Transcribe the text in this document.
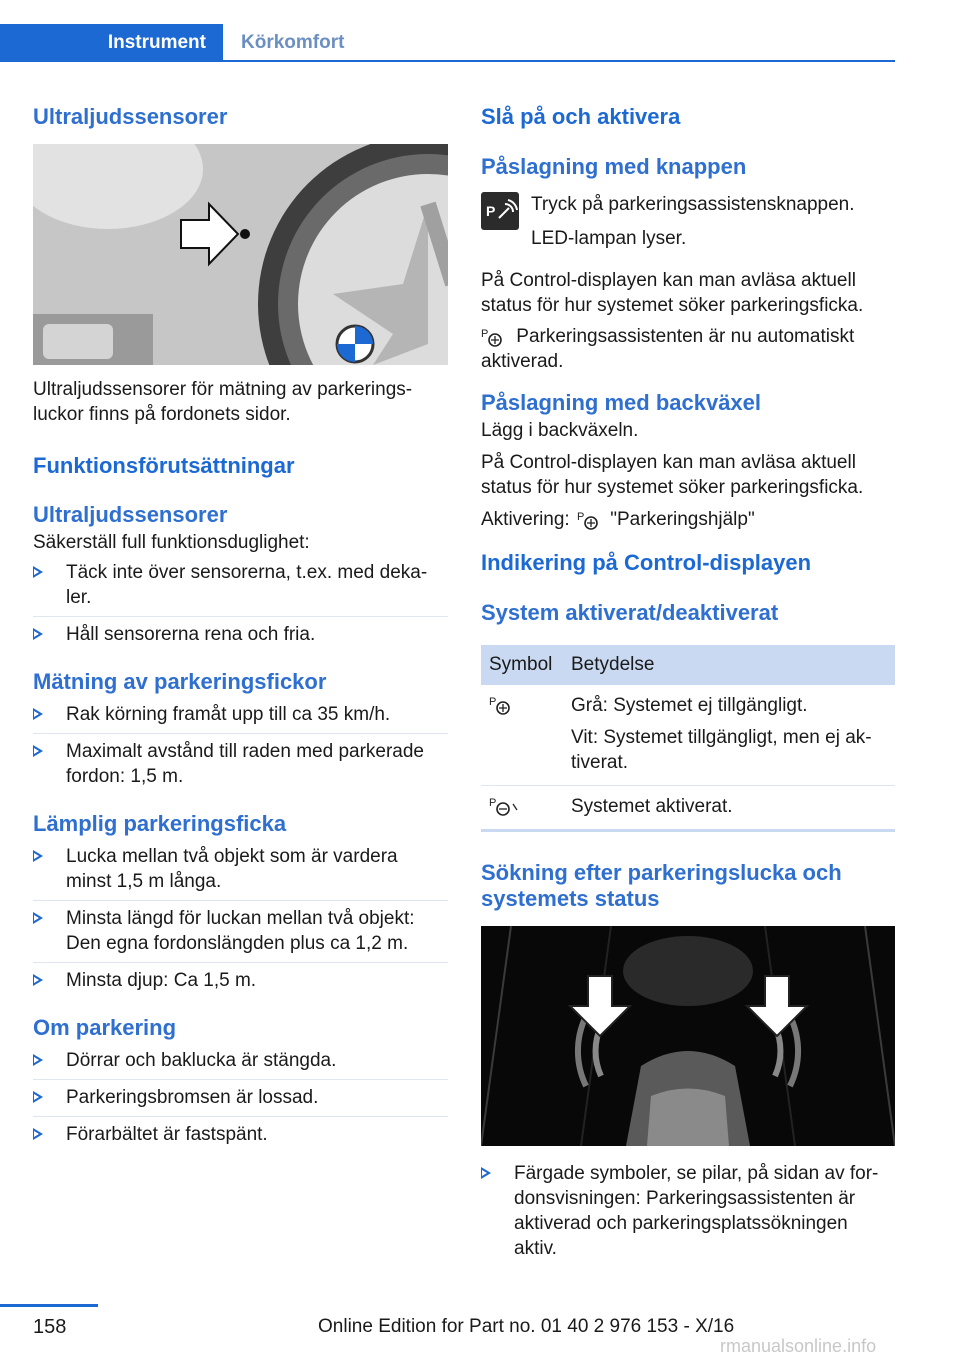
Instrument	Körkomfort
Ultraljudssensorer

Ultraljudssensorer för mätning av parkerings-luckor finns på fordonets sidor.

Funktionsförutsättningar
Ultraljudssensorer

Säkerställ full funktionsduglighet:

Täck inte över sensorerna, t.ex. med deka-ler.
Håll sensorerna rena och fria.
Mätning av parkeringsfickor
Rak körning framåt upp till ca 35 km/h.
Maximalt avstånd till raden med parkerade fordon: 1,5 m.
Lämplig parkeringsficka
Lucka mellan två objekt som är vardera minst 1,5 m långa.
Minsta längd för luckan mellan två objekt: Den egna fordonslängden plus ca 1,2 m.
Minsta djup: Ca 1,5 m.
Om parkering
Dörrar och baklucka är stängda.
Parkeringsbromsen är lossad.
Förarbältet är fastspänt.
Slå på och aktivera
Påslagning med knappen
P Tryck på parkeringsassistensknappen.

LED-lampan lyser.

På Control-displayen kan man avläsa aktuell status för hur systemet söker parkeringsficka.

P Parkeringsassistenten är nu automatiskt aktiverad.

Påslagning med backväxel

Lägg i backväxeln.

På Control-displayen kan man avläsa aktuell status för hur systemet söker parkeringsficka.

Aktivering: P "Parkeringshjälp"

Indikering på Control-displayen
System aktiverat/deaktiverat
Symbol	Betydelse

P	Grå: Systemet ej tillgängligt.

Vit: Systemet tillgängligt, men ej ak-tiverat.

P	Systemet aktiverat.
Sökning efter parkeringslucka och systemets status
Färgade symboler, se pilar, på sidan av for-donsvisningen: Parkeringsassistenten är aktiverad och parkeringsplatssökningen aktiv.
158	Online Edition for Part no. 01 40 2 976 153 - X/16
rmanualsonline.info
